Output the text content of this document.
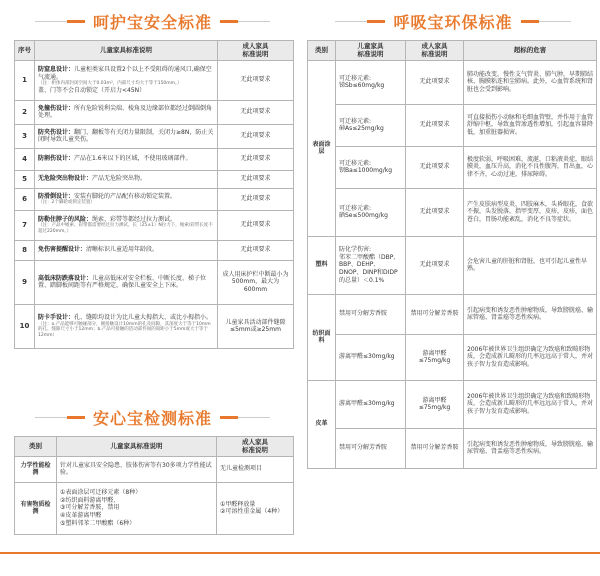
呵护宝安全标准	呼吸宝环保标准
序号	儿童家具标准说明	成人家具
标准说明
1	防窒息设计：儿童柜类家具设置2个以上不受阻碍的通风口,确保空气流通。
（注：柜体内部封闭空间大于0.03m³，内部尺寸均大于等于150mm。）
盖、门等不会自动锁定（开启力<45N）	无此项要求
2	免撞伤设计：所有危险锐利尖端、棱角及边缘部位都经过倒圆倒角处理。	无此项要求
3	防夹伤设计：翻门、翻板等有关闭力量限制，关闭力≥8N，防止关闭时导致儿童夹伤。	无此项要求
4	防割伤设计：产品在1.6米以下的区域，不使用玻璃部件。	无此项要求
5	无危险突出物设计：产品无危险突出物。	无此项要求
6	防滑倒设计：安装有脚轮的产品配有移动锁定装置。
（注：2个脚轮或锁定装置）	无此项要求
7	防勒住脖子的风险：绳索、彩带等都经过拉力测试。
（注：产品中绳索、彩带都需要经过拉力测试，长（25±1）N拉力下，绳索/彩带长度不超过220mm。）	无此项要求
8	免伤害提醒设计：清晰标识儿童适用年龄段。	无此项要求
9	高低床防跌落设计：儿童高低床对安全栏板、中断长度、梯子位置、踏脚板间距等有严格规定，确保儿童安全上下床。	成人用床护栏中断最小为500mm，最大为600mm
10	防卡手设计：孔、缝隙均设计为比儿童大拇指大、或比小拇指小。
（注：a.产品能够可触碰部分，刚接触设计10mm的孔及间隙，其深度大于等于10mm的孔、缝隙尺寸小于12mm；b.产品可接触的活动部件间的间距小于5mm或大于等于12mm）	儿童家具活动部件缝隙≤5mm或≥25mm
安心宝检测标准
类别	儿童家具标准说明	成人家具
标准说明
力学性能检测	针对儿童家具安全隐患、肢体伤害等有30多项力学性能试验。	无儿童检测项目
有害物质检测	①表面涂层可迁移元素（8种）
②纺织面料游离甲醛、
③可分解芳香胺，禁用
④皮革游离甲醛
⑤塑料邻苯二甲酸酯（6种）	①甲醛释放量
②可溶性重金属（4种）
类别	儿童家具
标准说明	成人家具
标准说明	超标的危害
表面涂层	可迁移元素:
锑Sb≤60mg/kg	无此项要求	肺功能改变，慢性支气管炎、肺气肿，早期肺结核、胸膜粘连和尘肺病。此外，心血管系统和肾脏也会受到影响。
	可迁移元素:
砷As≤25mg/kg	无此项要求	可直接损伤小动脉和毛细血管壁，并作用于血管舒缩中枢，导致血管渗透性增加，引起血容量降低，加重脏器损害。
	可迁移元素:
钡Ba≤1000mg/kg	无此项要求	极度软弱，呼吸困难，流涎，口粘液炎症，眼结膜炎，血压升高，消化不良性腹泻，胃出血，心律不齐，心动过速，排尿障碍。
	可迁移元素:
硒Se≤500mg/kg	无此项要求	产生皮肤病型皮炎，四肢麻木，头昏眼花，食欲不振，头发脱落，指甲变厚，皮疹，皮疹，面色苍白，胃肠功能紊乱，消化不良等症状。
塑料	防化学伤害:
邻苯二甲酸酯（DBP、BBP、DEHP、DNOP、DINP和DIDP的总量）＜0.1%	无此项要求	会危害儿童的肝脏和肾脏，也可引起儿童性早熟。
纺织面料	禁用可分解芳香胺	禁用可分解芳香胺	引起病变和诱发恶性肿瘤物质，导致膀胱癌、输尿管癌、肾盂癌等恶性疾病。
	游离甲醛≤30mg/kg	游离甲醛
≤75mg/kg	2006年被世界卫生组织确定为致癌和致畸形物质，会造成新儿畸形的几率远远高于常人，并对孩子智力发育造成影响。
皮革	游离甲醛≤30mg/kg	游离甲醛
≤75mg/kg	2006年被世界卫生组织确定为致癌和致畸形物质，会造成新儿畸形的几率远远高于常人，并对孩子智力发育造成影响。
	禁用可分解芳香胺	禁用可分解芳香胺	引起病变和诱发恶性肿瘤物质，导致膀胱癌、输尿管癌、肾盂癌等恶性疾病。
